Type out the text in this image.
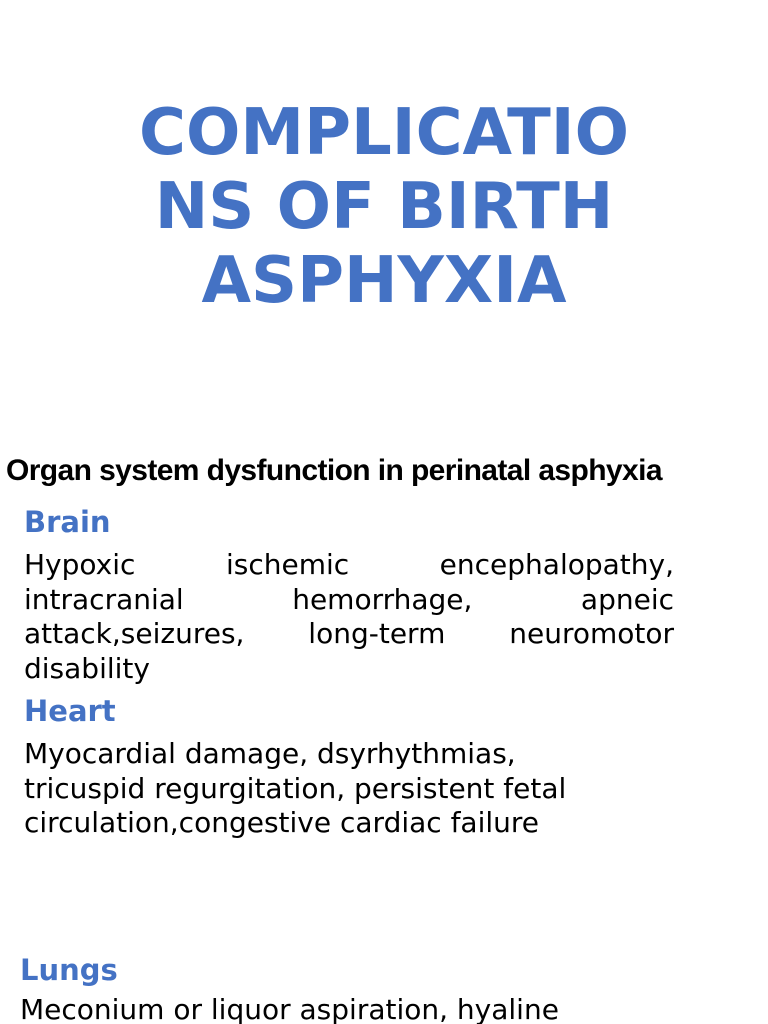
COMPLICATIO
NS OF BIRTH
ASPHYXIA
Organ system dysfunction in perinatal asphyxia
Brain

Hypoxic ischemic encephalopathy,
intracranial hemorrhage, apneic
attack,seizures, long-term neuromotor
disability

Heart

Myocardial damage, dsyrhythmias,
tricuspid regurgitation, persistent fetal
circulation,congestive cardiac failure

Lungs

Meconium or liquor aspiration, hyaline
